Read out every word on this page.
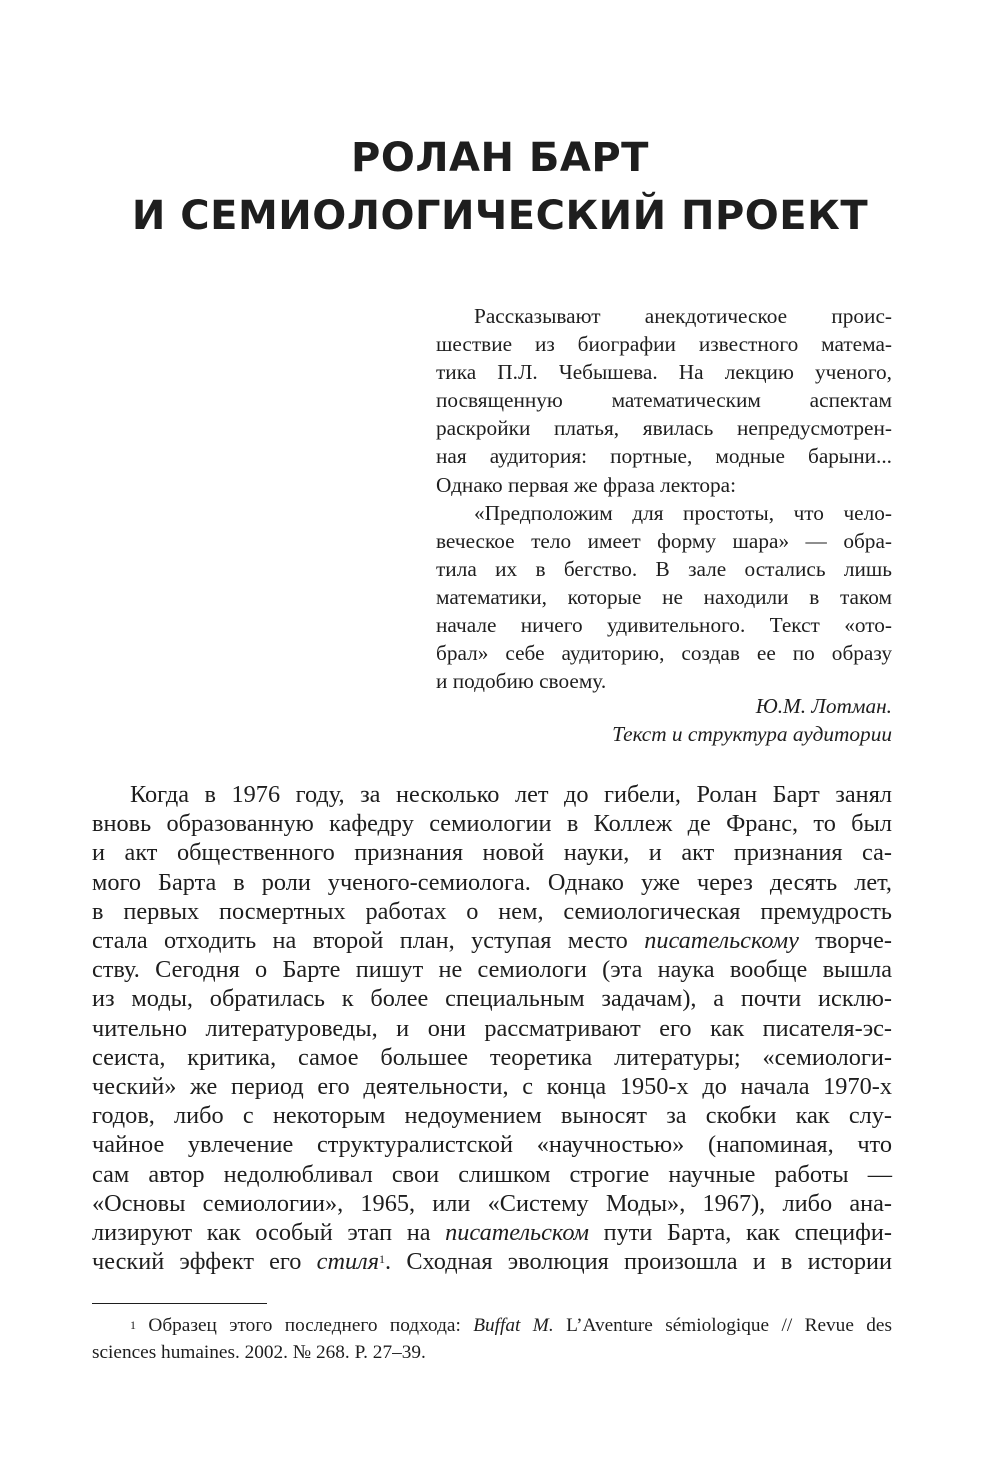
РОЛАН БАРТ
И СЕМИОЛОГИЧЕСКИЙ ПРОЕКТ
Рассказывают анекдотическое проис-
шествие из биографии известного матема-
тика П.Л. Чебышева. На лекцию ученого,
посвященную математическим аспектам
раскройки платья, явилась непредусмотрен-
ная аудитория: портные, модные барыни...
Однако первая же фраза лектора:
«Предположим для простоты, что чело-
веческое тело имеет форму шара» — обра-
тила их в бегство. В зале остались лишь
математики, которые не находили в таком
начале ничего удивительного. Текст «ото-
брал» себе аудиторию, создав ее по образу
и подобию своему.
Ю.М. Лотман.
Текст и структура аудитории
Когда в 1976 году, за несколько лет до гибели, Ролан Барт занял
вновь образованную кафедру семиологии в Коллеж де Франс, то был
и акт общественного признания новой науки, и акт признания са-
мого Барта в роли ученого-семиолога. Однако уже через десять лет,
в первых посмертных работах о нем, семиологическая премудрость
стала отходить на второй план, уступая место писательскому творче-
ству. Сегодня о Барте пишут не семиологи (эта наука вообще вышла
из моды, обратилась к более специальным задачам), а почти исклю-
чительно литературоведы, и они рассматривают его как писателя-эс-
сеиста, критика, самое большее теоретика литературы; «семиологи-
ческий» же период его деятельности, с конца 1950-х до начала 1970-х
годов, либо с некоторым недоумением выносят за скобки как слу-
чайное увлечение структуралистской «научностью» (напоминая, что
сам автор недолюбливал свои слишком строгие научные работы —
«Основы семиологии», 1965, или «Систему Моды», 1967), либо ана-
лизируют как особый этап на писательском пути Барта, как специфи-
ческий эффект его стиля$^1$. Сходная эволюция произошла и в истории
$^1$ Образец этого последнего подхода: Buffat M. L’Aventure sémiologique // Revue des
sciences humaines. 2002. № 268. P. 27–39.
